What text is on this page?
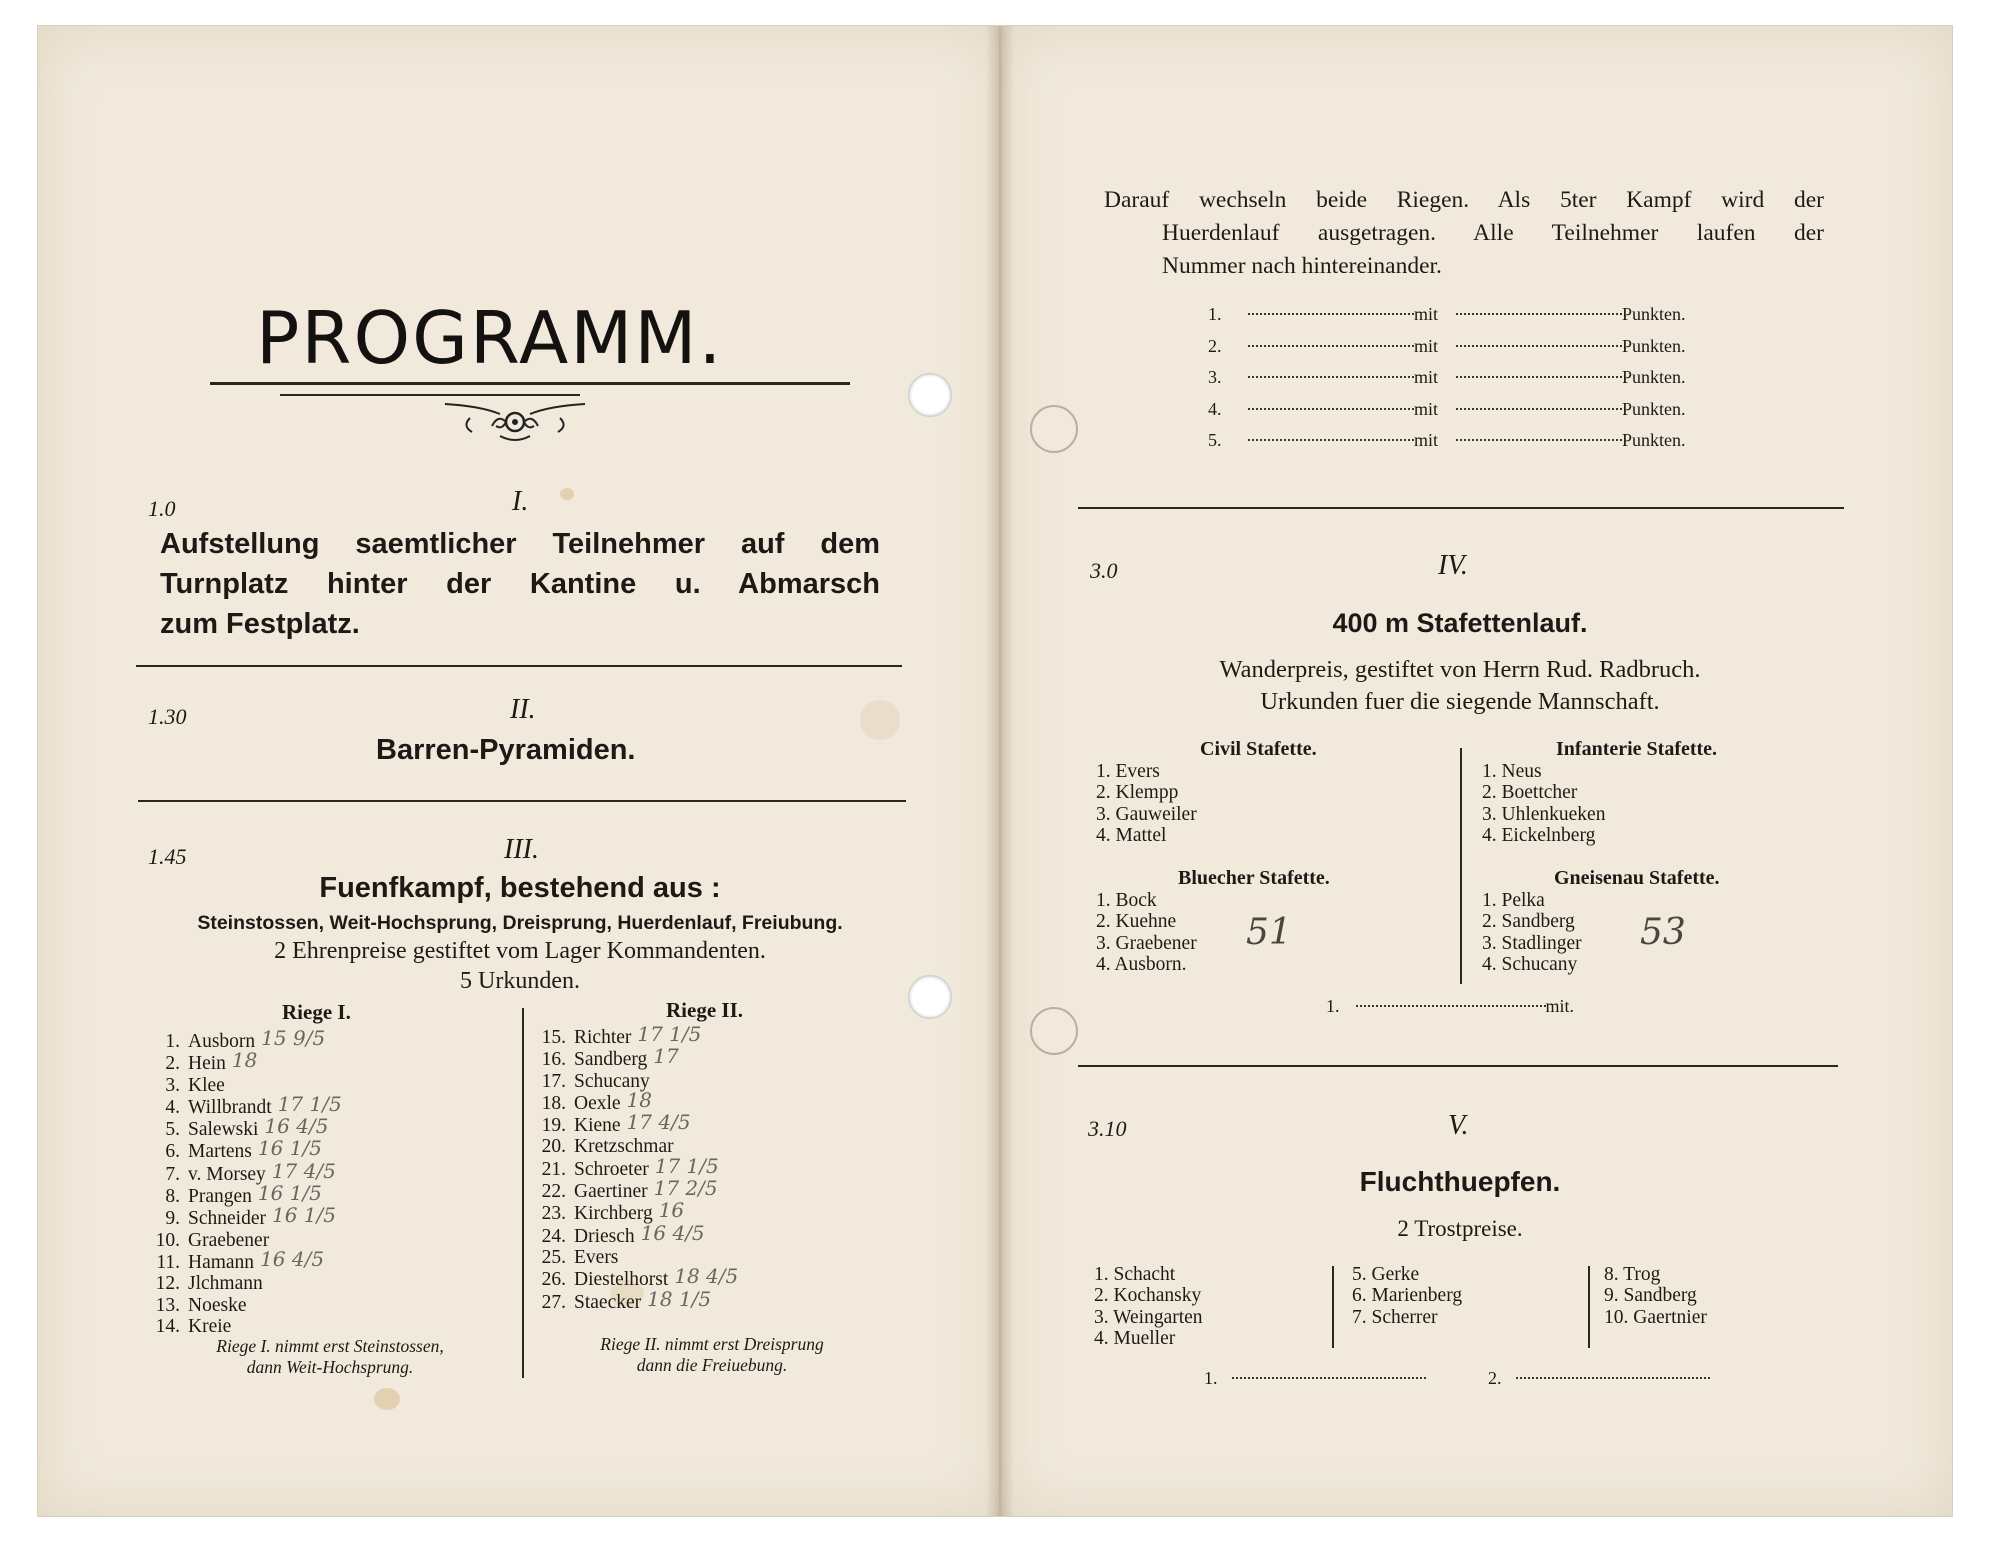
PROGRAMM.
1.0	I.
Aufstellung saemtlicher Teilnehmer auf dem
Turnplatz hinter der Kantine u. Abmarsch
zum Festplatz.
1.30	II.
Barren-Pyramiden.
1.45	III.
Fuenfkampf, bestehend aus :
Steinstossen, Weit-Hochsprung, Dreisprung, Huerdenlauf, Freiubung.
2 Ehrenpreise gestiftet vom Lager Kommandenten.
5 Urkunden.
Riege I.
1. Ausborn 15 9/5
2. Hein 18
3. Klee
4. Willbrandt 17 1/5
5. Salewski 16 4/5
6. Martens 16 1/5
7. v. Morsey 17 4/5
8. Prangen 16 1/5
9. Schneider 16 1/5
10. Graebener
11. Hamann 16 4/5
12. Jlchmann
13. Noeske
14. Kreie
Riege I. nimmt erst Steinstossen,
dann Weit-Hochsprung.
Riege II.
15. Richter 17 1/5
16. Sandberg 17
17. Schucany
18. Oexle 18
19. Kiene 17 4/5
20. Kretzschmar
21. Schroeter 17 1/5
22. Gaertiner 17 2/5
23. Kirchberg 16
24. Driesch 16 4/5
25. Evers
26. Diestelhorst 18 4/5
27. Staecker 18 1/5
Riege II. nimmt erst Dreisprung
dann die Freiuebung.
Darauf wechseln beide Riegen. Als 5ter Kampf wird der
Huerdenlauf ausgetragen. Alle Teilnehmer laufen der
Nummer nach hintereinander.
1.	mit	Punkten.
2.	mit	Punkten.
3.	mit	Punkten.
4.	mit	Punkten.
5.	mit	Punkten.
3.0	IV.
400 m Stafettenlauf.
Wanderpreis, gestiftet von Herrn Rud. Radbruch.
Urkunden fuer die siegende Mannschaft.
Civil Stafette.
1. Evers
2. Klempp
3. Gauweiler
4. Mattel
Infanterie Stafette.
1. Neus
2. Boettcher
3. Uhlenkueken
4. Eickelnberg
Bluecher Stafette.
1. Bock
2. Kuehne
3. Graebener
4. Ausborn.
51
Gneisenau Stafette.
1. Pelka
2. Sandberg
3. Stadlinger
4. Schucany
53
1.	mit.
3.10	V.
Fluchthuepfen.
2 Trostpreise.
1. Schacht
2. Kochansky
3. Weingarten
4. Mueller
5. Gerke
6. Marienberg
7. Scherrer
8. Trog
9. Sandberg
10. Gaertnier
1.	2.
